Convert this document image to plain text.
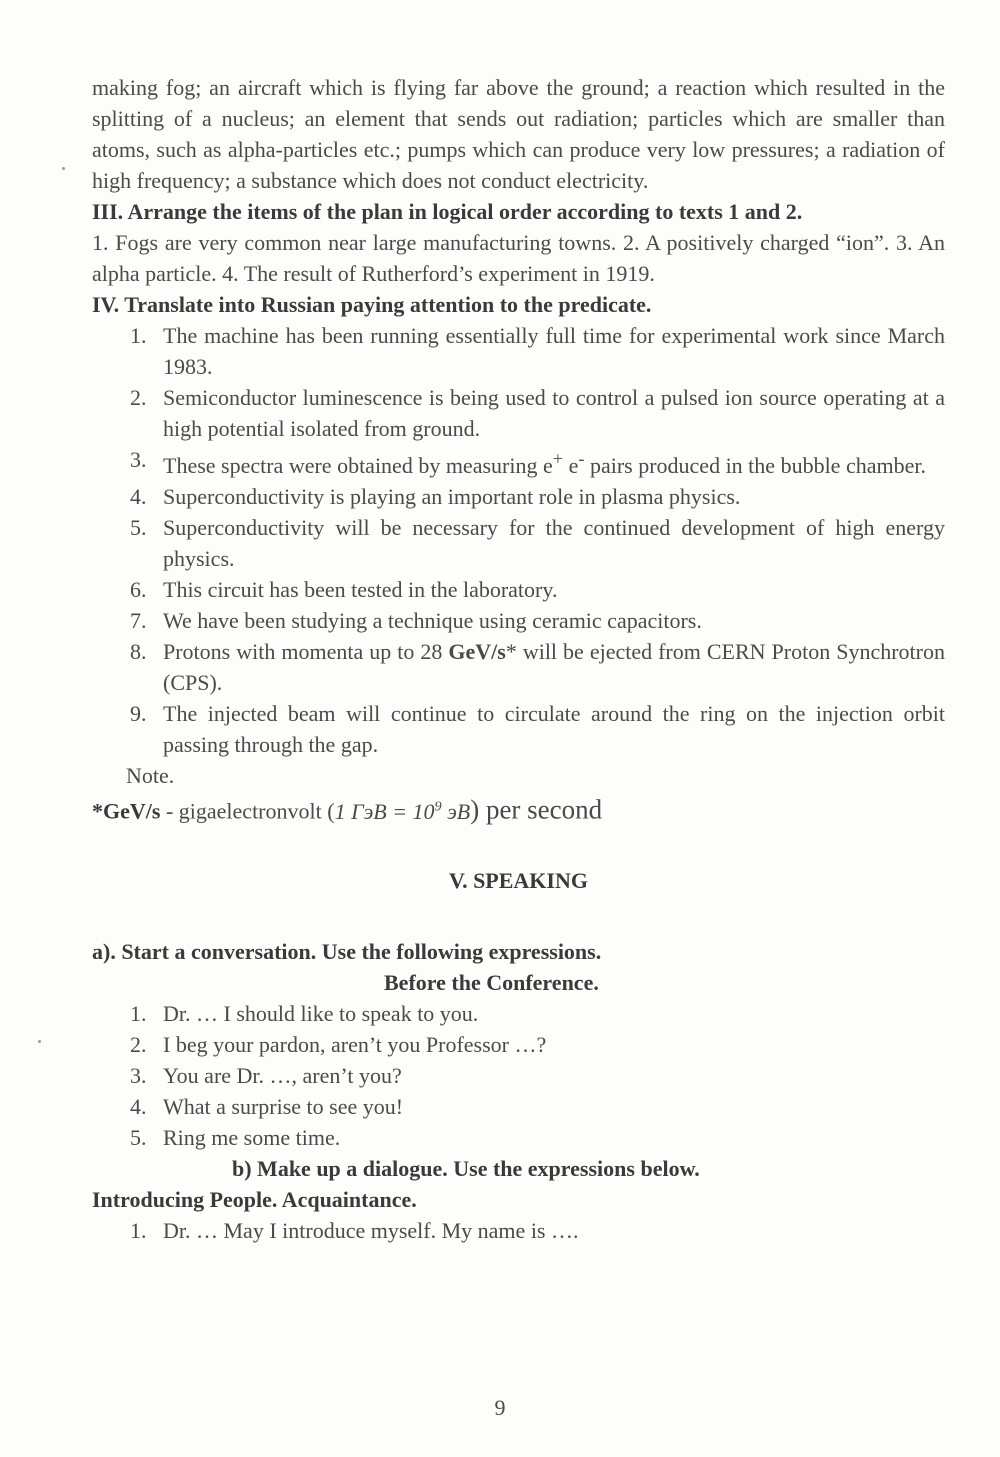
making fog; an aircraft which is flying far above the ground; a reaction which resulted in the splitting of a nucleus; an element that sends out radiation; particles which are smaller than atoms, such as alpha-particles etc.; pumps which can produce very low pressures; a radiation of high frequency; a substance which does not conduct electricity.

III. Arrange the items of the plan in logical order according to texts 1 and 2.

1. Fogs are very common near large manufacturing towns. 2. A positively charged “ion”. 3. An alpha particle. 4. The result of Rutherford’s experiment in 1919.

IV. Translate into Russian paying attention to the predicate.

1. The machine has been running essentially full time for experimental work since March 1983.
2. Semiconductor luminescence is being used to control a pulsed ion source operating at a high potential isolated from ground.
3. These spectra were obtained by measuring e+ e- pairs produced in the bubble chamber.
4. Superconductivity is playing an important role in plasma physics.
5. Superconductivity will be necessary for the continued development of high energy physics.
6. This circuit has been tested in the laboratory.
7. We have been studying a technique using ceramic capacitors.
8. Protons with momenta up to 28 GeV/s* will be ejected from CERN Proton Synchrotron (CPS).
9. The injected beam will continue to circulate around the ring on the injection orbit passing through the gap.

Note.

*GeV/s - gigaelectronvolt (1 ГэВ = $10^9$ эВ) per second

V. SPEAKING

a). Start a conversation. Use the following expressions.

Before the Conference.

1. Dr. … I should like to speak to you.
2. I beg your pardon, aren’t you Professor …?
3. You are Dr. …, aren’t you?
4. What a surprise to see you!
5. Ring me some time.

b) Make up a dialogue. Use the expressions below.

Introducing People. Acquaintance.

1. Dr. … May I introduce myself. My name is ….
9
